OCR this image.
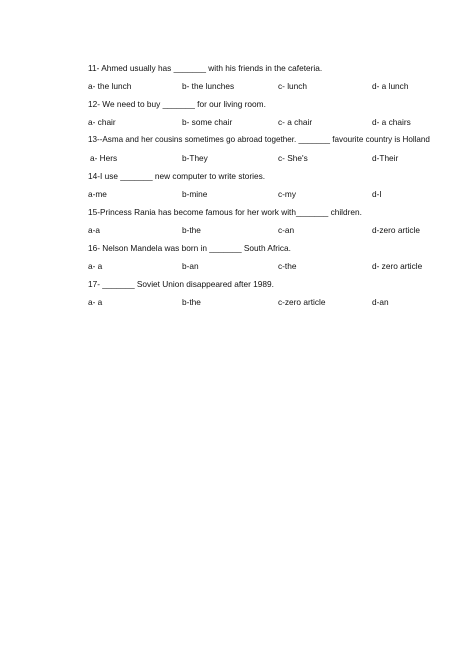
11- Ahmed usually has _______ with his friends in the cafeteria.
a- the lunch	b- the lunches	c- lunch	d- a lunch
12- We need to buy _______ for our living room.
a- chair	b- some chair	c- a chair	d- a chairs
13--Asma and her cousins sometimes go abroad together. _______ favourite country is Holland
a- Hers	b-They	c- She's	d-Their
14-I use _______ new computer to write stories.
a-me	b-mine	c-my	d-I
15-Princess Rania has become famous for her work with_______ children.
a-a	b-the	c-an	d-zero article
16- Nelson Mandela was born in _______ South Africa.
a- a	b-an	c-the	d- zero article
17- _______ Soviet Union disappeared after 1989.
a- a	b-the	c-zero article	d-an
